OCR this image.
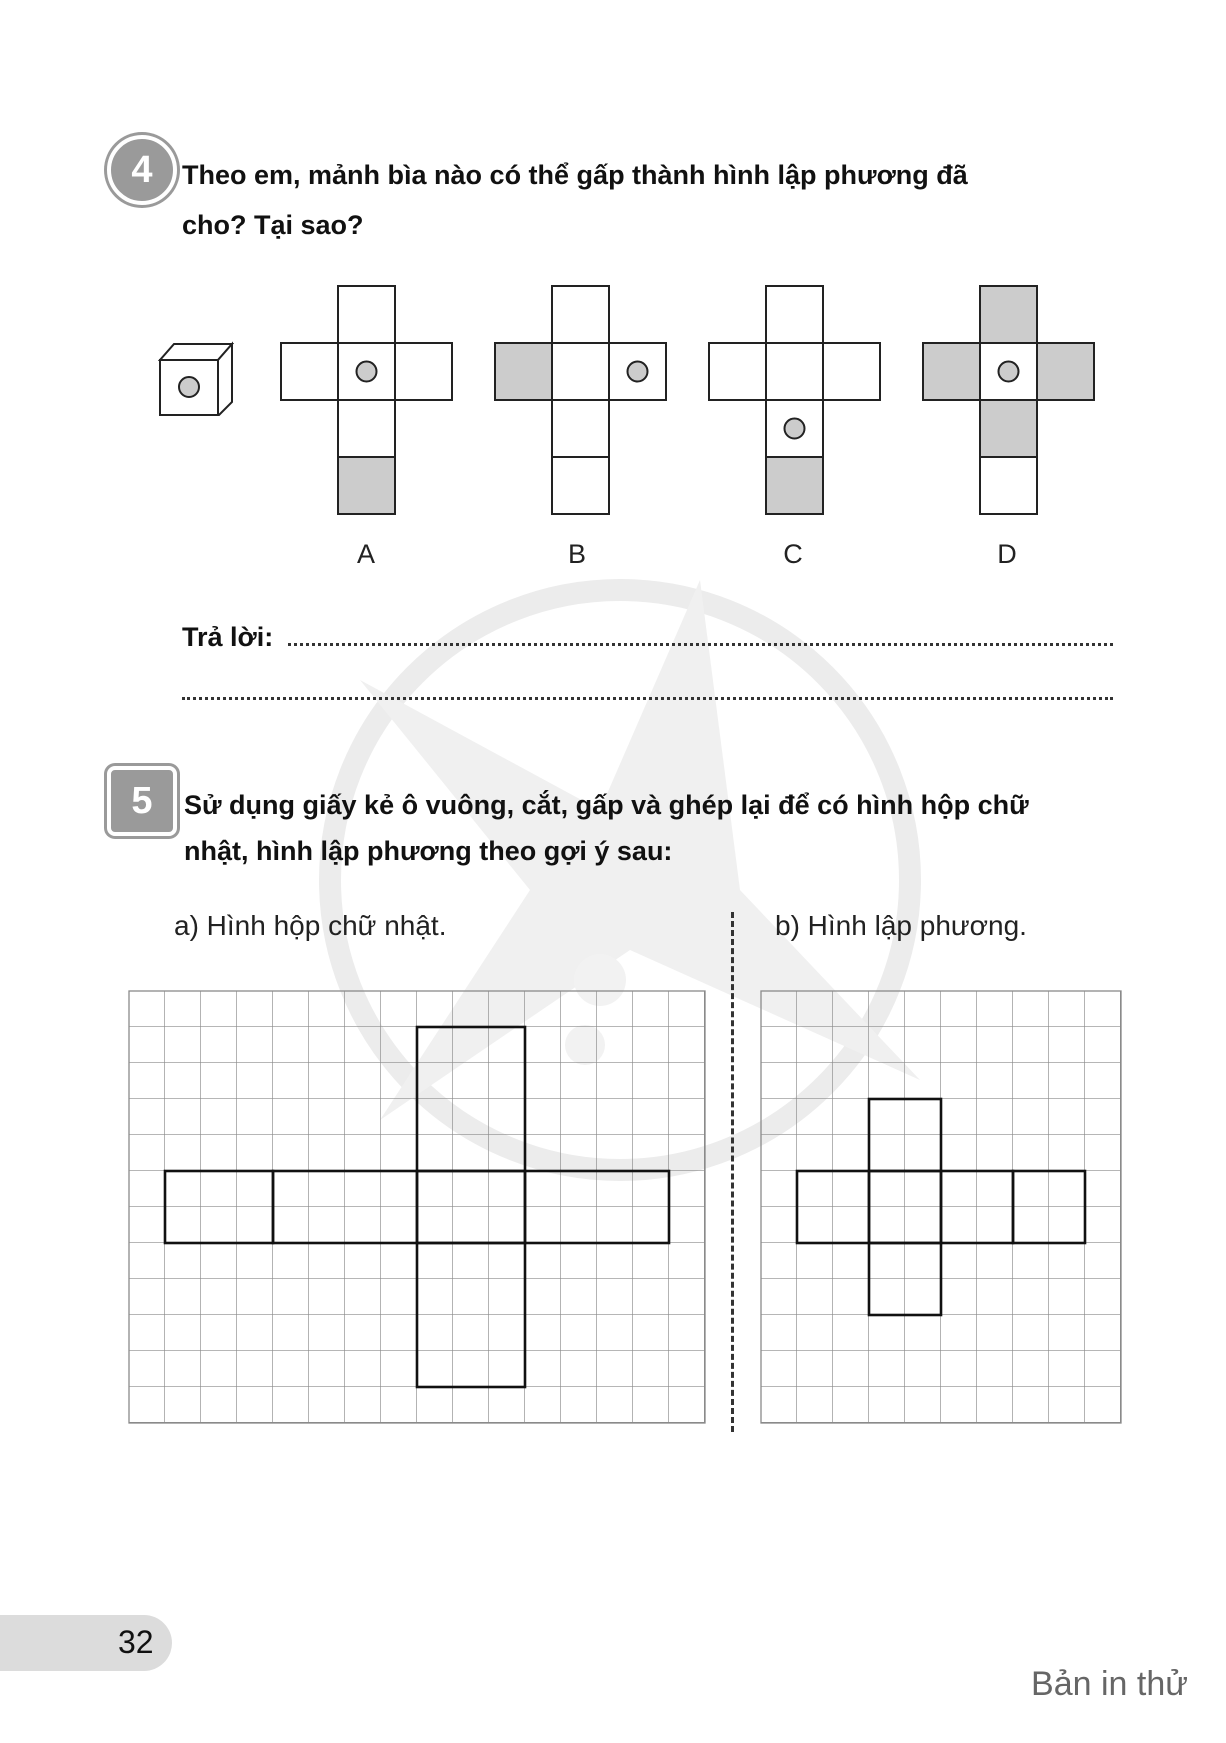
4	Theo em, mảnh bìa nào có thể gấp thành hình lập phương đã
cho? Tại sao?
A	B	C	D
Trả lời:
5	Sử dụng giấy kẻ ô vuông, cắt, gấp và ghép lại để có hình hộp chữ
nhật, hình lập phương theo gợi ý sau:
a) Hình hộp chữ nhật.	b) Hình lập phương.
32
Bản in thử
